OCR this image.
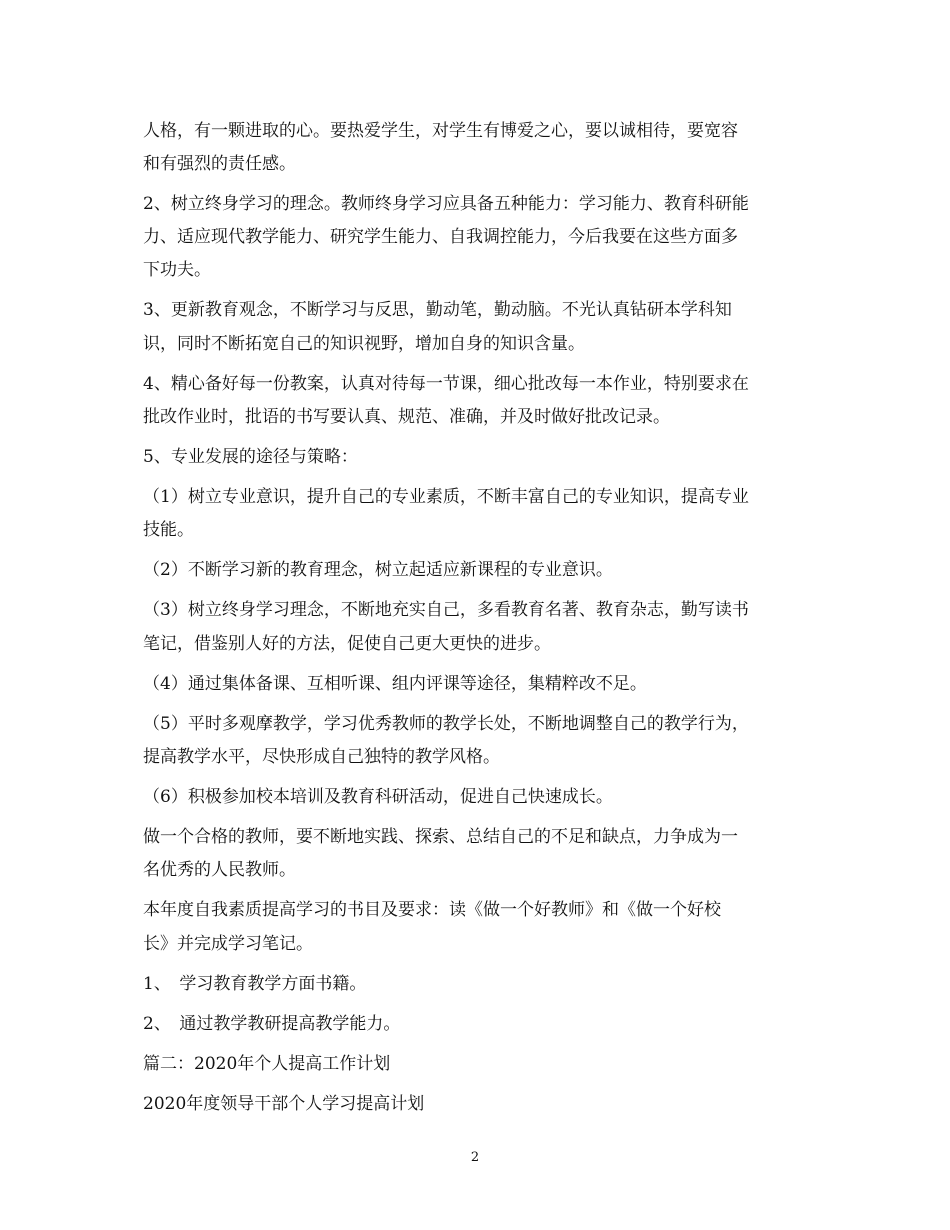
人格，有一颗进取的心。要热爱学生，对学生有博爱之心，要以诚相待，要宽容
和有强烈的责任感。
2、树立终身学习的理念。教师终身学习应具备五种能力：学习能力、教育科研能
力、适应现代教学能力、研究学生能力、自我调控能力，今后我要在这些方面多
下功夫。
3、更新教育观念，不断学习与反思，勤动笔，勤动脑。不光认真钻研本学科知
识，同时不断拓宽自己的知识视野，增加自身的知识含量。
4、精心备好每一份教案，认真对待每一节课，细心批改每一本作业，特别要求在
批改作业时，批语的书写要认真、规范、准确，并及时做好批改记录。
5、专业发展的途径与策略：
（1）树立专业意识，提升自己的专业素质，不断丰富自己的专业知识，提高专业
技能。
（2）不断学习新的教育理念，树立起适应新课程的专业意识。
（3）树立终身学习理念，不断地充实自己，多看教育名著、教育杂志，勤写读书
笔记，借鉴别人好的方法，促使自己更大更快的进步。
（4）通过集体备课、互相听课、组内评课等途径，集精粹改不足。
（5）平时多观摩教学，学习优秀教师的教学长处，不断地调整自己的教学行为，
提高教学水平，尽快形成自己独特的教学风格。
（6）积极参加校本培训及教育科研活动，促进自己快速成长。
做一个合格的教师，要不断地实践、探索、总结自己的不足和缺点，力争成为一
名优秀的人民教师。
本年度自我素质提高学习的书目及要求：读《做一个好教师》和《做一个好校
长》并完成学习笔记。
1、　学习教育教学方面书籍。
2、　通过教学教研提高教学能力。
篇二：2020年个人提高工作计划
2020年度领导干部个人学习提高计划
2
